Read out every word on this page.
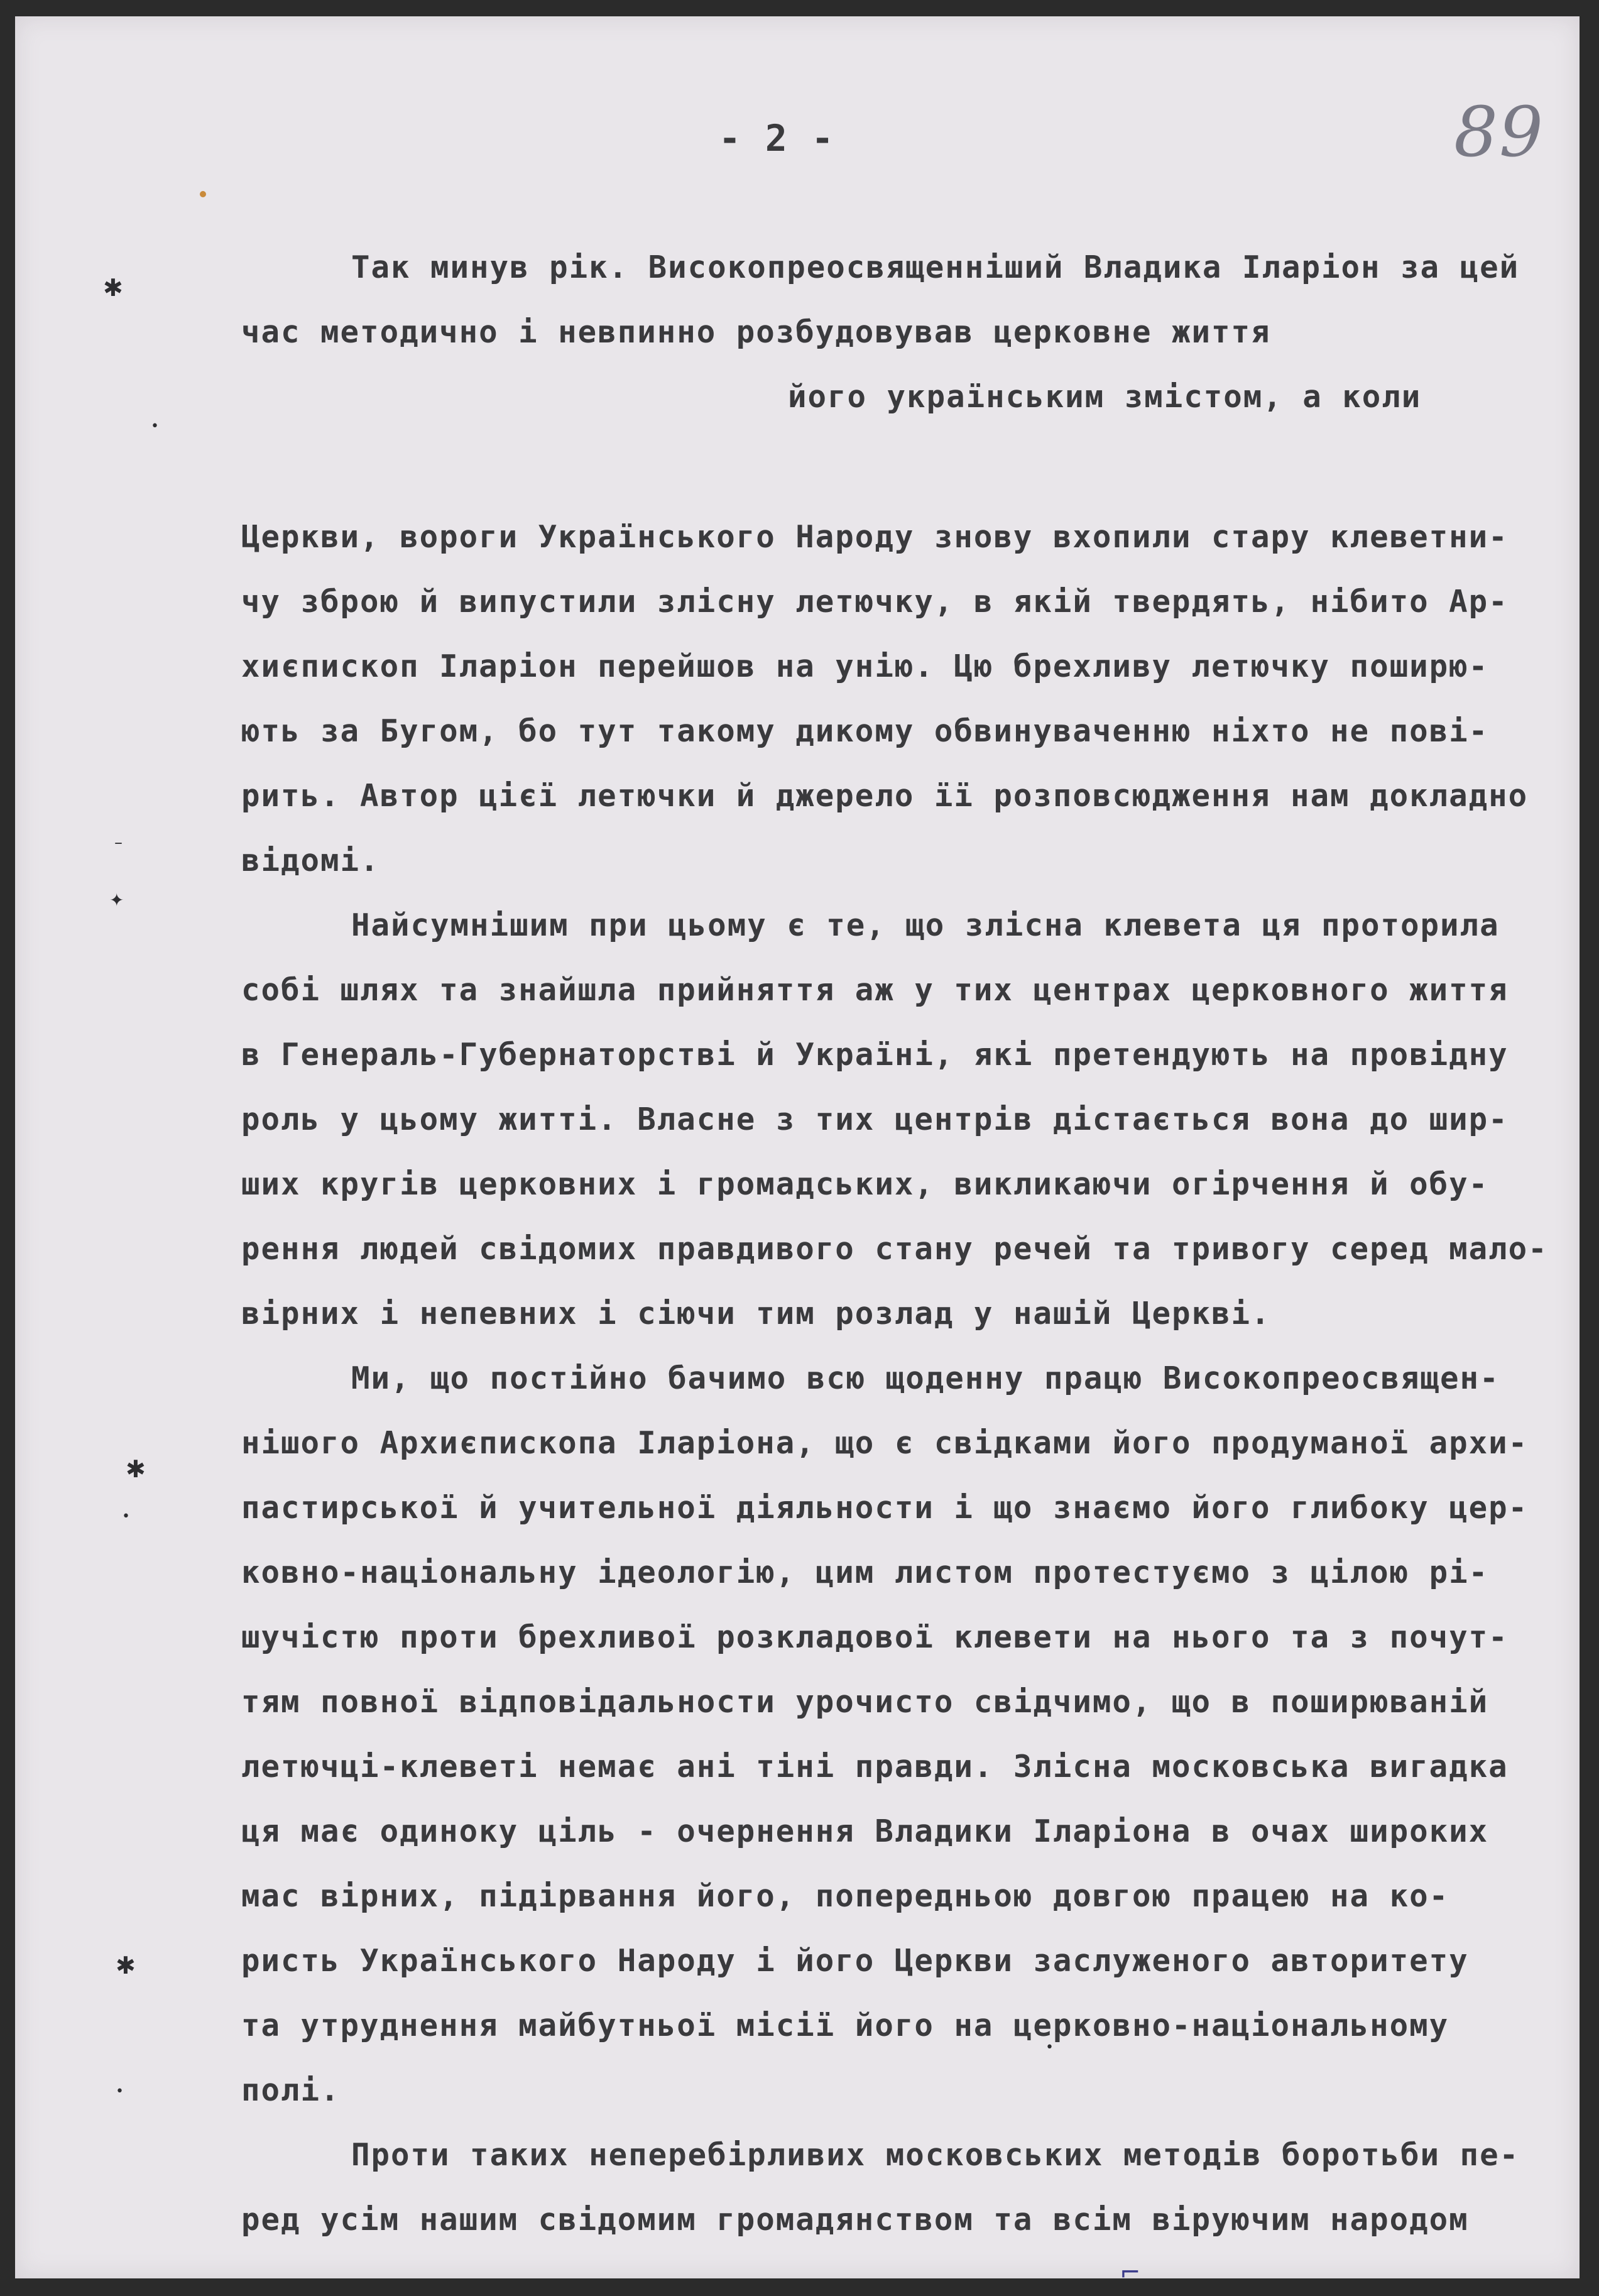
- 2 -	89
✱
•
–
✦
✱
•
✱
•
•
⌐

Так минув рік. Високопреосвященніший Владика Іларіон за цей

час методично і невпинно розбудовував церковне життя

його українським змістом, а коли

Церкви, вороги Українського Народу знову вхопили стару клеветни-

чу зброю й випустили злісну летючку, в якій твердять, нібито Ар-

хиєпископ Іларіон перейшов на унію. Цю брехливу летючку поширю-

ють за Бугом, бо тут такому дикому обвинуваченню ніхто не пові-

рить. Автор цієї летючки й джерело її розповсюдження нам докладно

відомі.

Найсумнішим при цьому є те, що злісна клевета ця проторила

собі шлях та знайшла прийняття аж у тих центрах церковного життя

в Генераль-Губернаторстві й Україні, які претендують на провідну

роль у цьому житті. Власне з тих центрів дістається вона до шир-

ших кругів церковних і громадських, викликаючи огірчення й обу-

рення людей свідомих правдивого стану речей та тривогу серед мало-

вірних і непевних і сіючи тим розлад у нашій Церкві.

Ми, що постійно бачимо всю щоденну працю Високопреосвящен-

нішого Архиєпископа Іларіона, що є свідками його продуманої архи-

пастирської й учительної діяльности і що знаємо його глибоку цер-

ковно-національну ідеологію, цим листом протестуємо з цілою рі-

шучістю проти брехливої розкладової клевети на нього та з почут-

тям повної відповідальности урочисто свідчимо, що в поширюваній

летючці-клеветі немає ані тіні правди. Злісна московська вигадка

ця має одиноку ціль - очернення Владики Іларіона в очах широких

мас вірних, підірвання його, попередньою довгою працею на ко-

ристь Українського Народу і його Церкви заслуженого авторитету

та утруднення майбутньої місії його на церковно-національному

полі.

Проти таких неперебірливих московських методів боротьби пе-

ред усім нашим свідомим громадянством та всім віруючим народом
